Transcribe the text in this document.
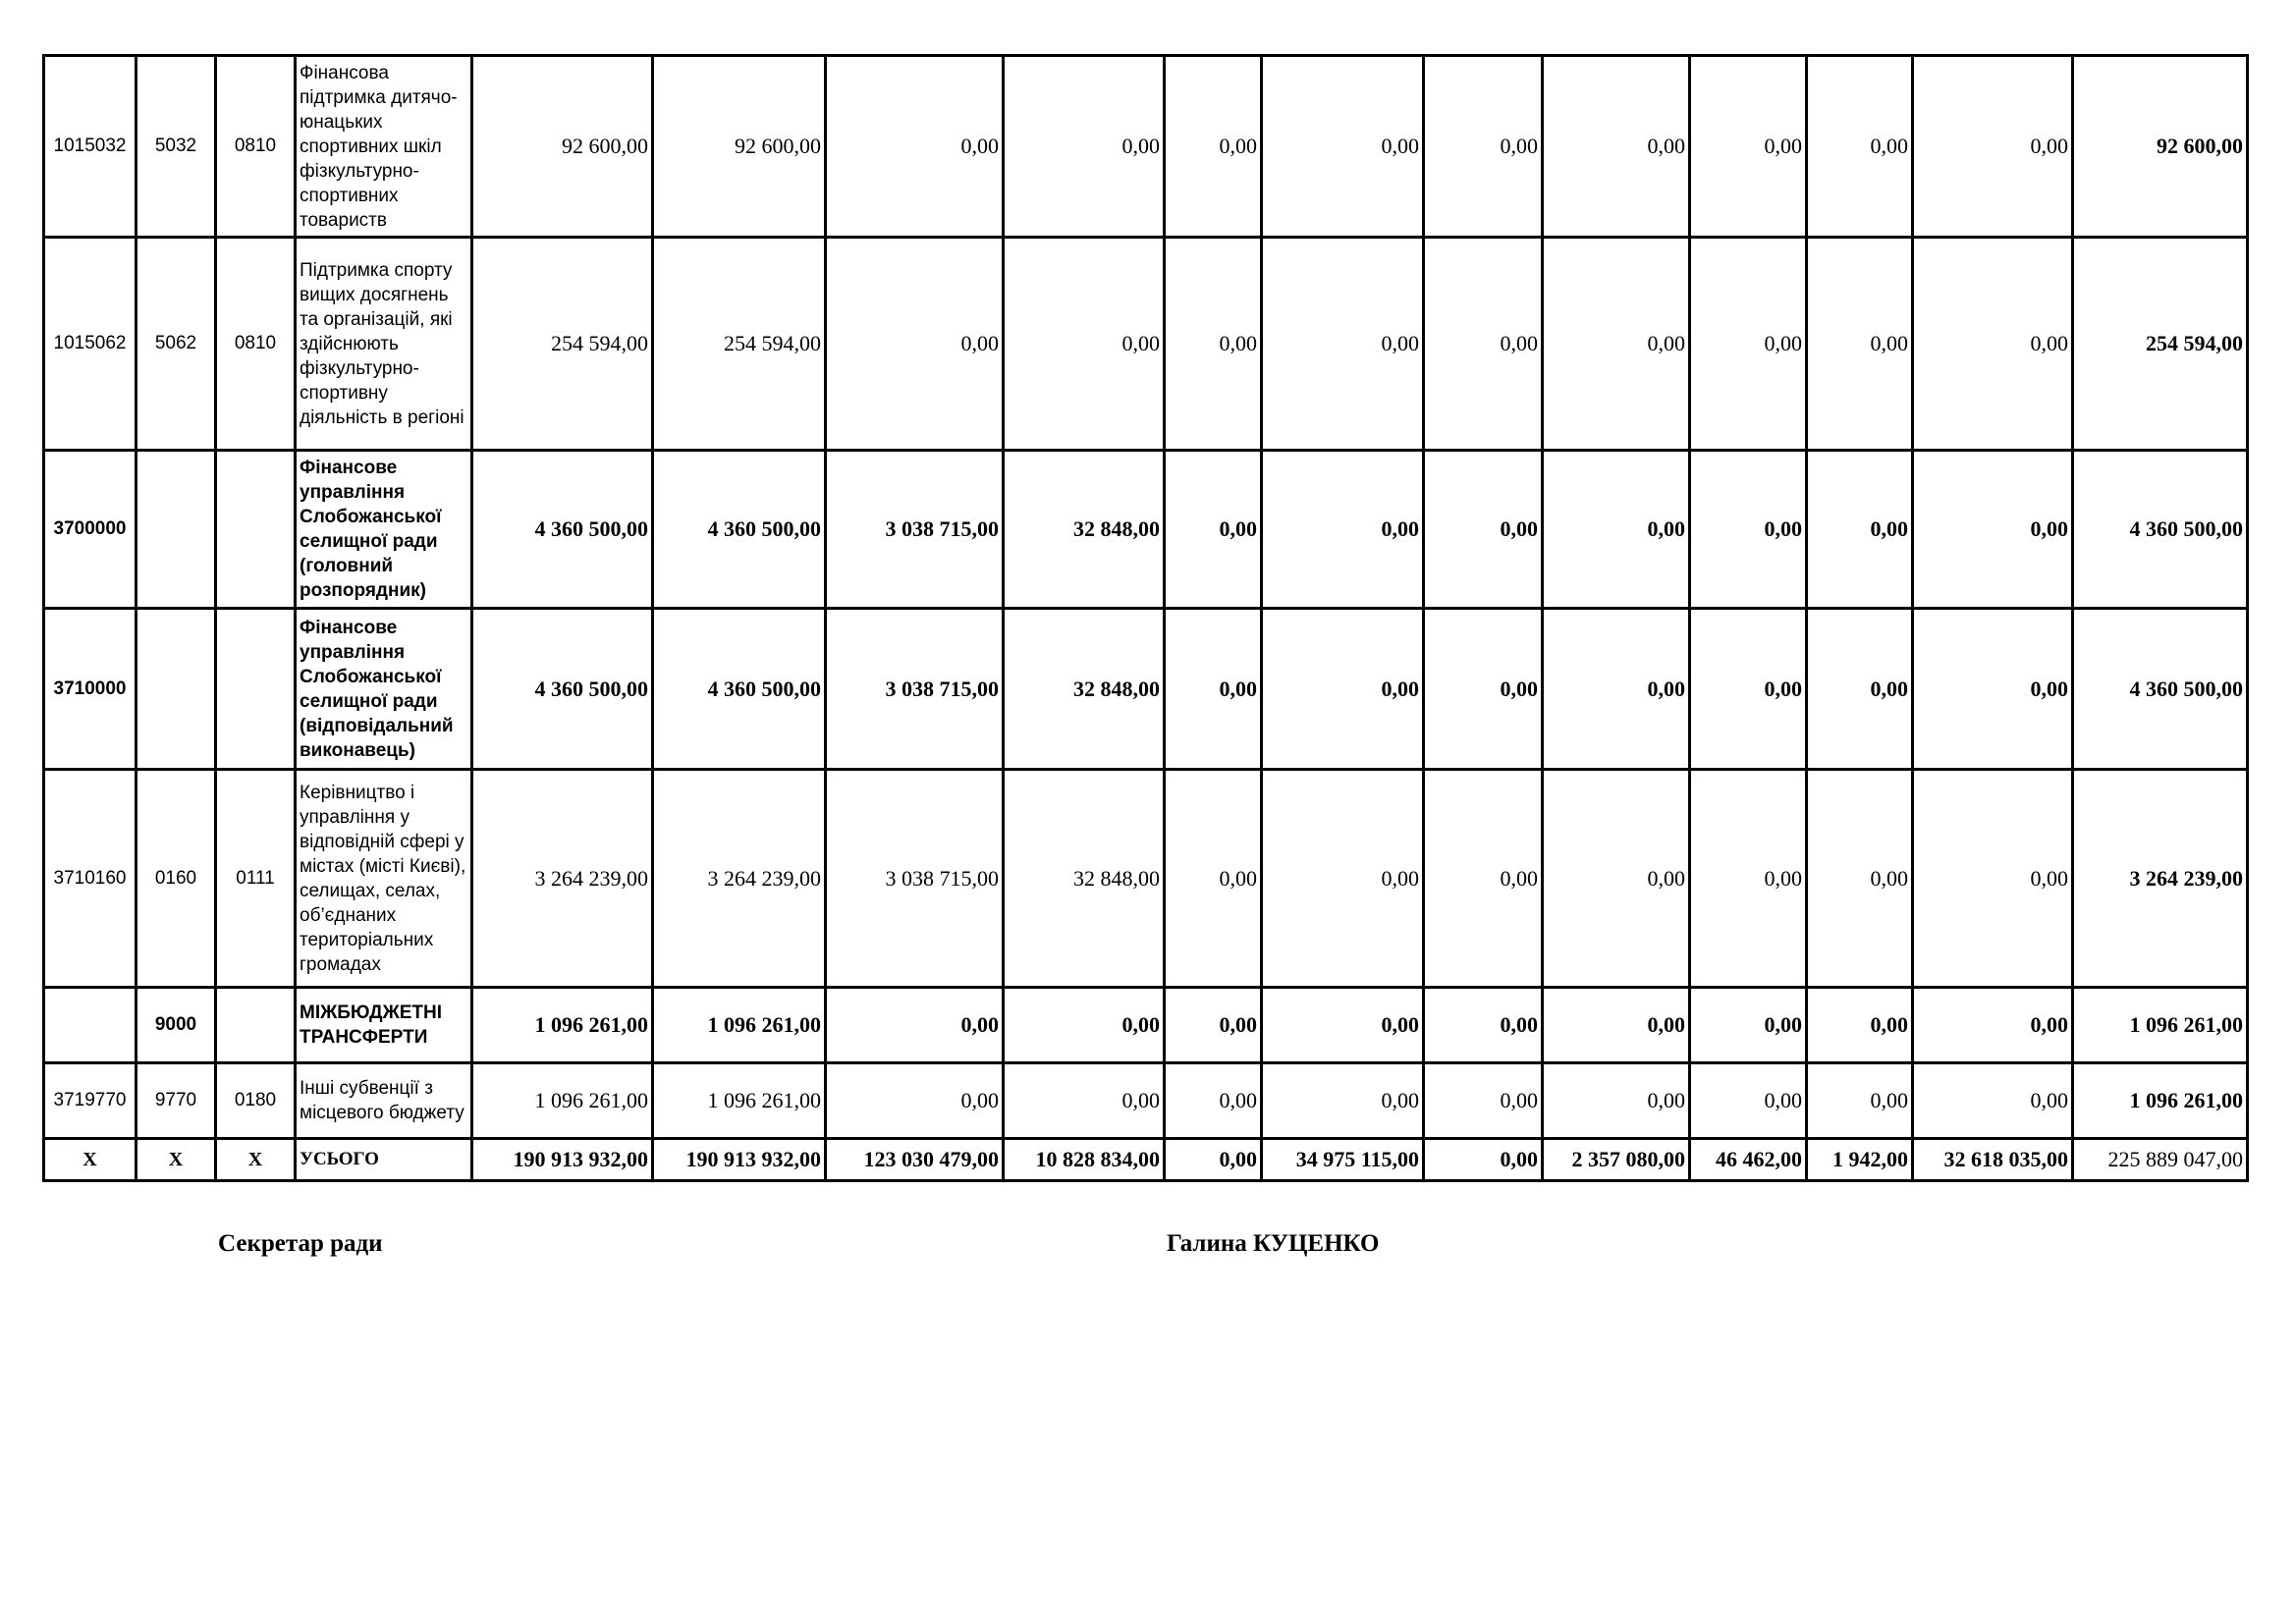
1015032	5032	0810	Фінансова підтримка дитячо-юнацьких спортивних шкіл фізкультурно-спортивних товариств	92 600,00	92 600,00	0,00	0,00	0,00	0,00	0,00	0,00	0,00	0,00	0,00	92 600,00
1015062	5062	0810	Підтримка спорту вищих досягнень та організацій, які здійснюють фізкультурно-спортивну діяльність в регіоні	254 594,00	254 594,00	0,00	0,00	0,00	0,00	0,00	0,00	0,00	0,00	0,00	254 594,00
3700000			Фінансове управління Слобожанської селищної ради (головний розпорядник)	4 360 500,00	4 360 500,00	3 038 715,00	32 848,00	0,00	0,00	0,00	0,00	0,00	0,00	0,00	4 360 500,00
3710000			Фінансове управління Слобожанської селищної ради (відповідальний виконавець)	4 360 500,00	4 360 500,00	3 038 715,00	32 848,00	0,00	0,00	0,00	0,00	0,00	0,00	0,00	4 360 500,00
3710160	0160	0111	Керівництво і управління у відповідній сфері у містах (місті Києві), селищах, селах, об’єднаних територіальних громадах	3 264 239,00	3 264 239,00	3 038 715,00	32 848,00	0,00	0,00	0,00	0,00	0,00	0,00	0,00	3 264 239,00
	9000		МІЖБЮДЖЕТНІ ТРАНСФЕРТИ	1 096 261,00	1 096 261,00	0,00	0,00	0,00	0,00	0,00	0,00	0,00	0,00	0,00	1 096 261,00
3719770	9770	0180	Інші субвенції з місцевого бюджету	1 096 261,00	1 096 261,00	0,00	0,00	0,00	0,00	0,00	0,00	0,00	0,00	0,00	1 096 261,00
X	X	X	УСЬОГО	190 913 932,00	190 913 932,00	123 030 479,00	10 828 834,00	0,00	34 975 115,00	0,00	2 357 080,00	46 462,00	1 942,00	32 618 035,00	225 889 047,00
Секретар ради	Галина КУЦЕНКО
